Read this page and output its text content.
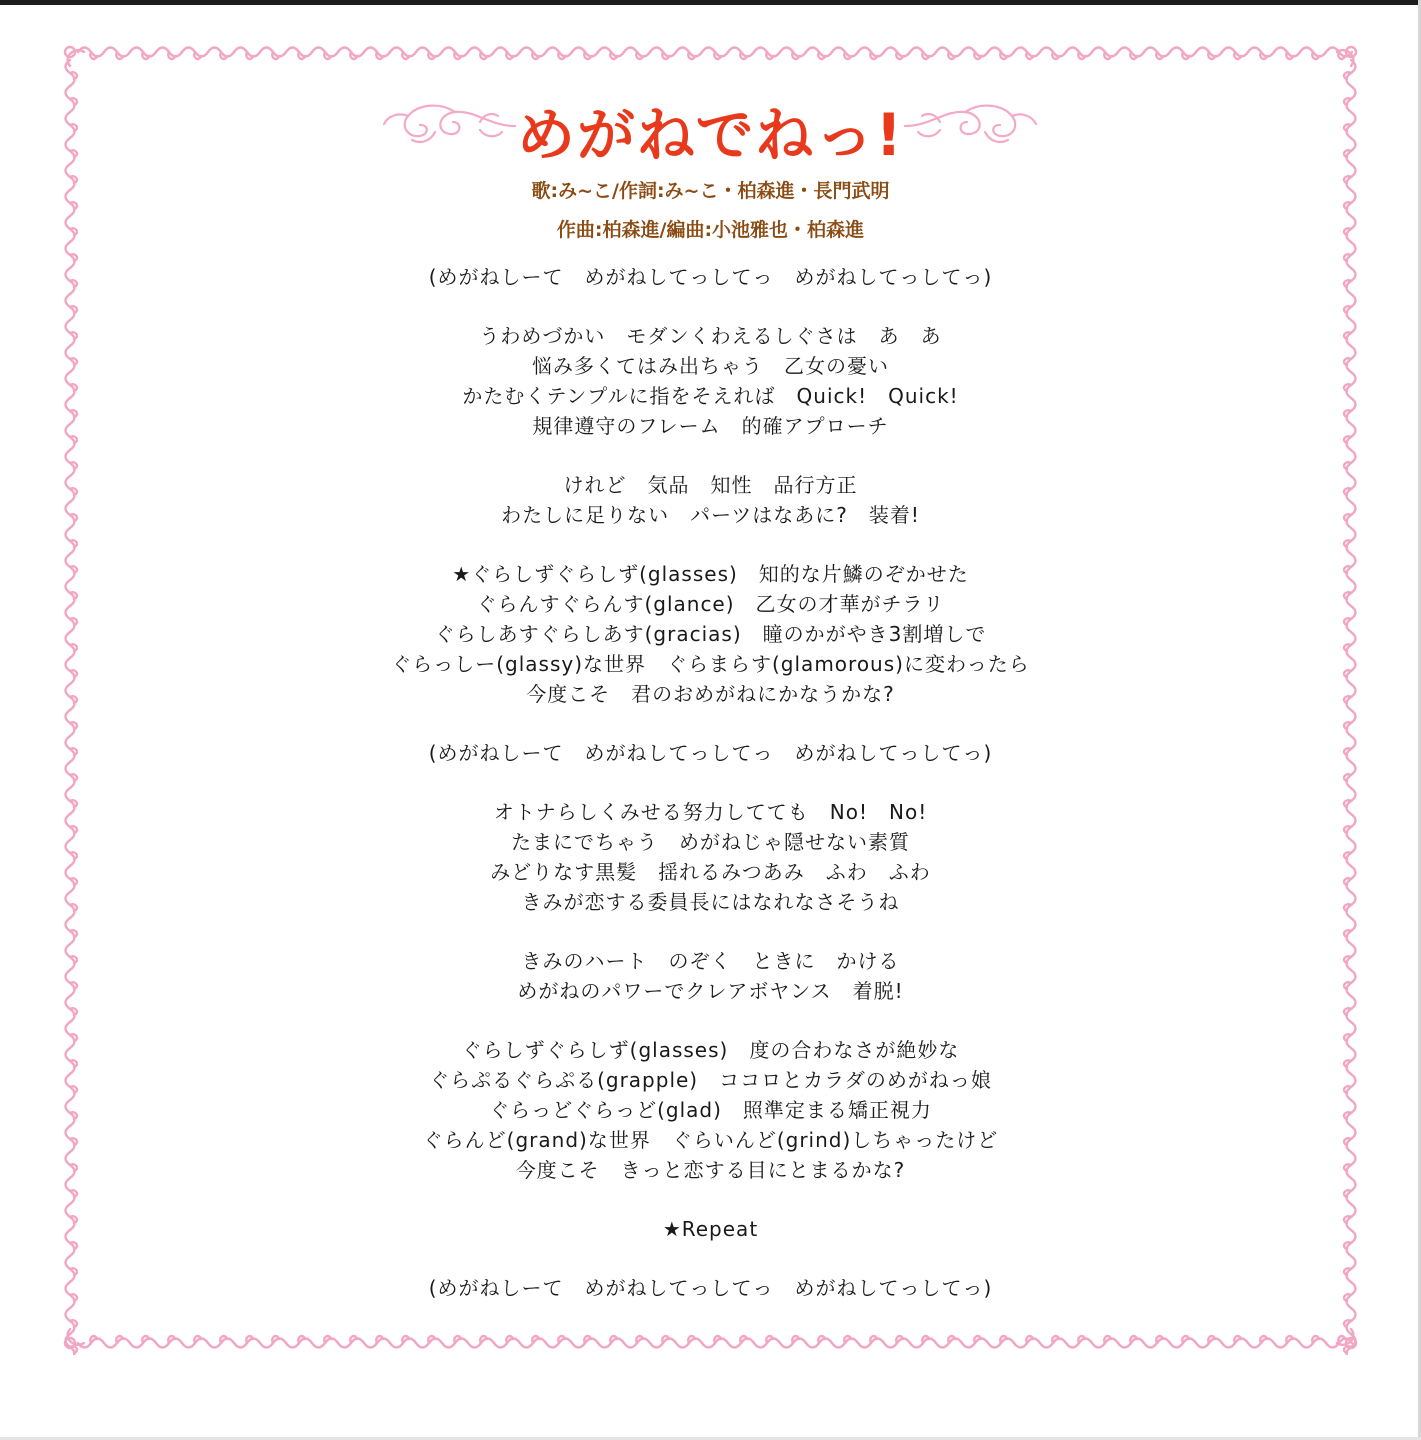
めがねでねっ!
歌:み~こ/作詞:み~こ・柏森進・長門武明
作曲:柏森進/編曲:小池雅也・柏森進
(めがねしーて　めがねしてっしてっ　めがねしてっしてっ)
うわめづかい　モダンくわえるしぐさは　あ　あ
悩み多くてはみ出ちゃう　乙女の憂い
かたむくテンプルに指をそえれば　Quick!　Quick!
規律遵守のフレーム　的確アプローチ
けれど　気品　知性　品行方正
わたしに足りない　パーツはなあに?　装着!
★ぐらしずぐらしず(glasses)　知的な片鱗のぞかせた
ぐらんすぐらんす(glance)　乙女の才華がチラリ
ぐらしあすぐらしあす(gracias)　瞳のかがやき3割増しで
ぐらっしー(glassy)な世界　ぐらまらす(glamorous)に変わったら
今度こそ　君のおめがねにかなうかな?
(めがねしーて　めがねしてっしてっ　めがねしてっしてっ)
オトナらしくみせる努力してても　No!　No!
たまにでちゃう　めがねじゃ隠せない素質
みどりなす黒髪　揺れるみつあみ　ふわ　ふわ
きみが恋する委員長にはなれなさそうね
きみのハート　のぞく　ときに　かける
めがねのパワーでクレアボヤンス　着脱!
ぐらしずぐらしず(glasses)　度の合わなさが絶妙な
ぐらぷるぐらぷる(grapple)　ココロとカラダのめがねっ娘
ぐらっどぐらっど(glad)　照準定まる矯正視力
ぐらんど(grand)な世界　ぐらいんど(grind)しちゃったけど
今度こそ　きっと恋する目にとまるかな?
★Repeat
(めがねしーて　めがねしてっしてっ　めがねしてっしてっ)
